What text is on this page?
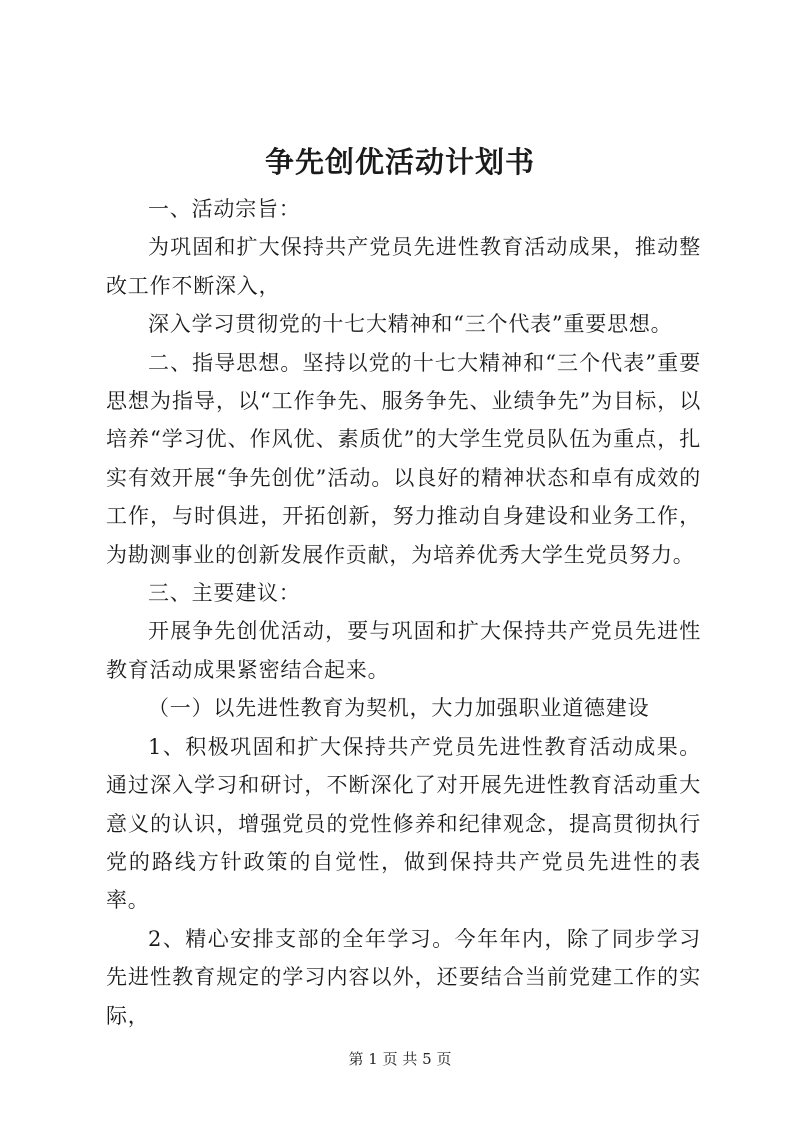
争先创优活动计划书

一、活动宗旨：

为巩固和扩大保持共产党员先进性教育活动成果，推动整改工作不断深入，

深入学习贯彻党的十七大精神和“三个代表”重要思想。

二、指导思想。坚持以党的十七大精神和“三个代表”重要思想为指导，以“工作争先、服务争先、业绩争先”为目标，以培养“学习优、作风优、素质优”的大学生党员队伍为重点，扎实有效开展“争先创优”活动。以良好的精神状态和卓有成效的工作，与时俱进，开拓创新，努力推动自身建设和业务工作，为勘测事业的创新发展作贡献，为培养优秀大学生党员努力。

三、主要建议：

开展争先创优活动，要与巩固和扩大保持共产党员先进性教育活动成果紧密结合起来。

（一）以先进性教育为契机，大力加强职业道德建设

1、积极巩固和扩大保持共产党员先进性教育活动成果。通过深入学习和研讨，不断深化了对开展先进性教育活动重大意义的认识，增强党员的党性修养和纪律观念，提高贯彻执行党的路线方针政策的自觉性，做到保持共产党员先进性的表率。

2、精心安排支部的全年学习。今年年内，除了同步学习先进性教育规定的学习内容以外，还要结合当前党建工作的实际，

第 1 页 共 5 页
